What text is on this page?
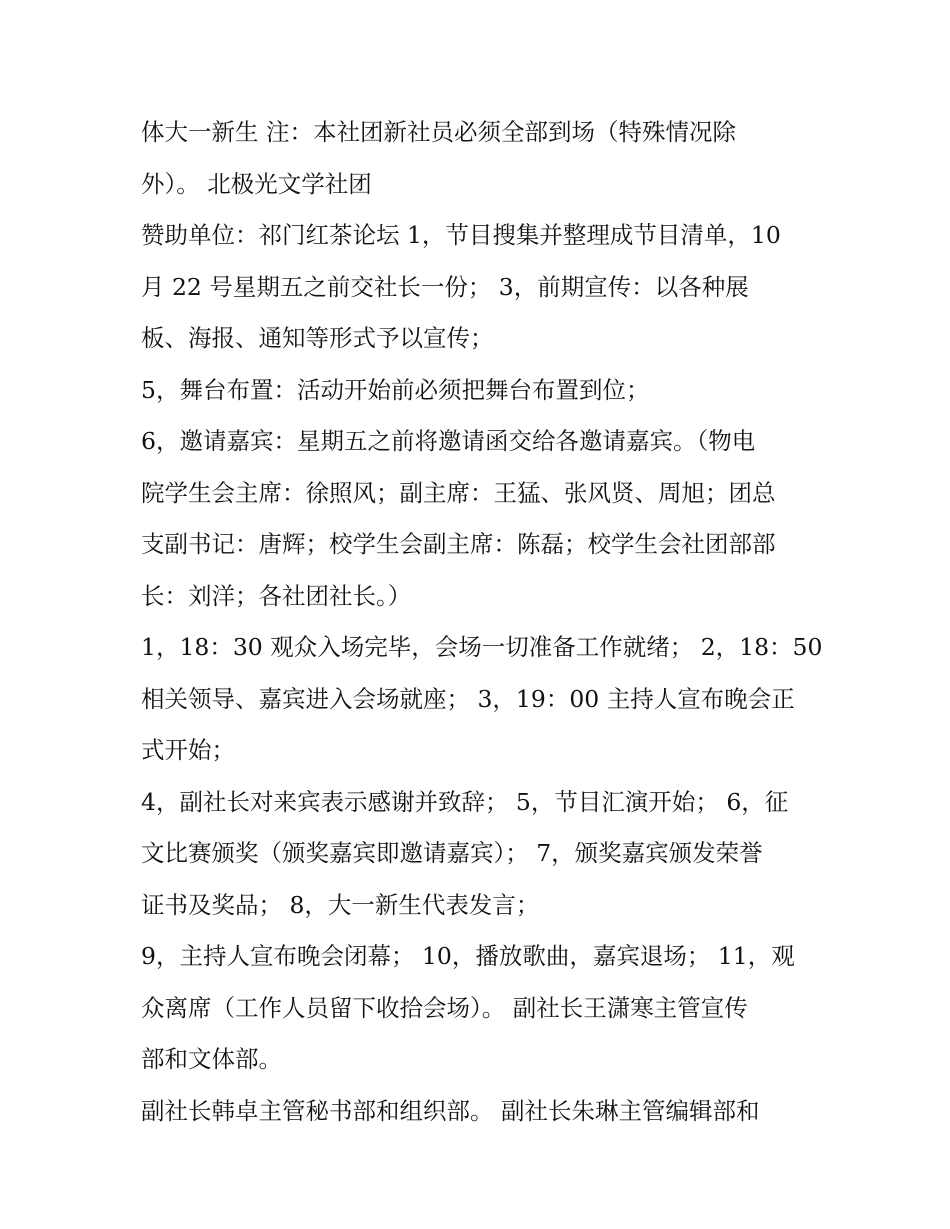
体大一新生 注：本社团新社员必须全部到场（特殊情况除
外）。 北极光文学社团
赞助单位：祁门红茶论坛 1，节目搜集并整理成节目清单，10
月 22 号星期五之前交社长一份； 3，前期宣传：以各种展
板、海报、通知等形式予以宣传；
5，舞台布置：活动开始前必须把舞台布置到位；
6，邀请嘉宾：星期五之前将邀请函交给各邀请嘉宾。（物电
院学生会主席：徐照风；副主席：王猛、张风贤、周旭；团总
支副书记：唐辉；校学生会副主席：陈磊；校学生会社团部部
长：刘洋；各社团社长。）
1，18：30 观众入场完毕，会场一切准备工作就绪； 2，18：50
相关领导、嘉宾进入会场就座； 3，19：00 主持人宣布晚会正
式开始；
4，副社长对来宾表示感谢并致辞； 5，节目汇演开始； 6，征
文比赛颁奖（颁奖嘉宾即邀请嘉宾）； 7，颁奖嘉宾颁发荣誉
证书及奖品； 8，大一新生代表发言；
9，主持人宣布晚会闭幕； 10，播放歌曲，嘉宾退场； 11，观
众离席（工作人员留下收拾会场）。 副社长王潇寒主管宣传
部和文体部。
副社长韩卓主管秘书部和组织部。 副社长朱琳主管编辑部和
